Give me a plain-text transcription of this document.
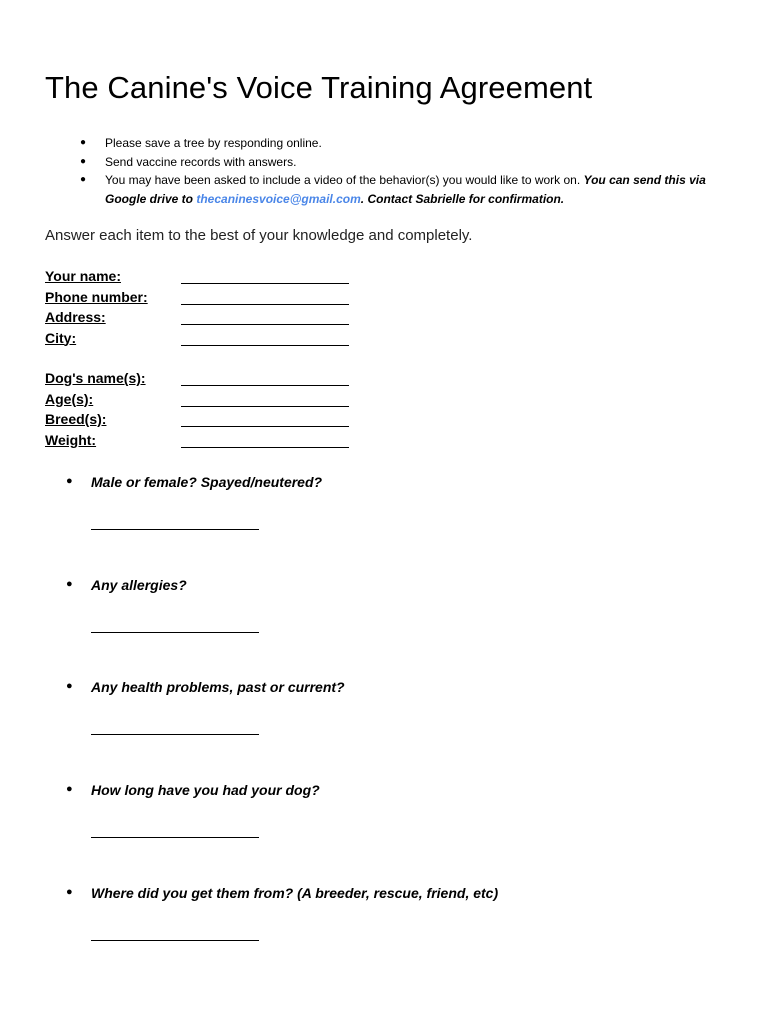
The Canine's Voice Training Agreement
● Please save a tree by responding online.
● Send vaccine records with answers.
● You may have been asked to include a video of the behavior(s) you would like to work on. You can send this via Google drive to thecaninesvoice@gmail.com. Contact Sabrielle for confirmation.
Answer each item to the best of your knowledge and completely.
Your name:
Phone number:
Address:
City:
Dog's name(s):
Age(s):
Breed(s):
Weight:
● Male or female? Spayed/neutered?
● Any allergies?
● Any health problems, past or current?
● How long have you had your dog?
● Where did you get them from? (A breeder, rescue, friend, etc)
